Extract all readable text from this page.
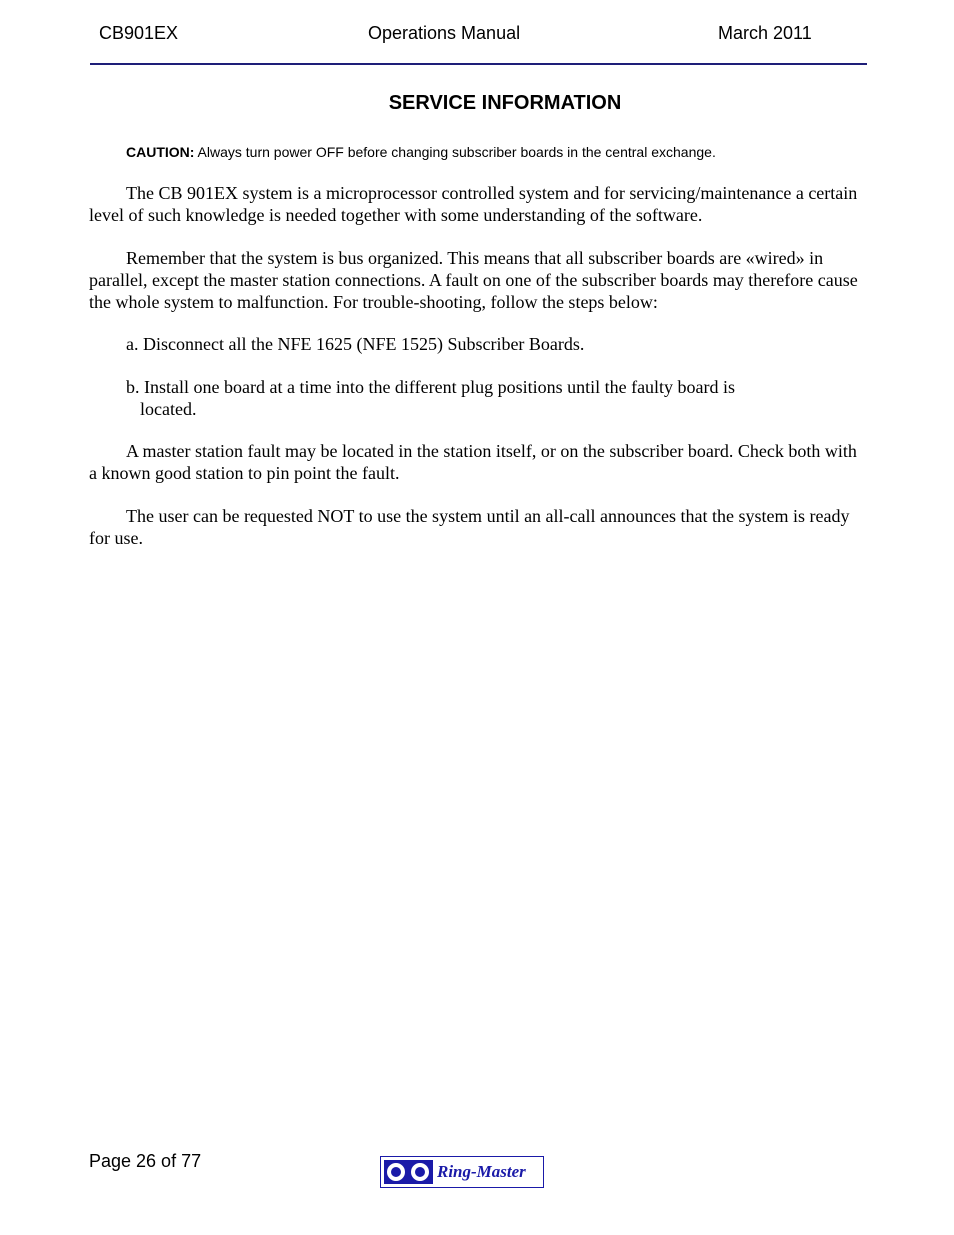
CB901EX	Operations Manual	March 2011
SERVICE INFORMATION
CAUTION: Always turn power OFF before changing subscriber boards in the central exchange.

The CB 901EX system is a microprocessor controlled system and for servicing/maintenance a certain level of such knowledge is needed together with some understanding of the software.

Remember that the system is bus organized. This means that all subscriber boards are «wired» in parallel, except the master station connections. A fault on one of the subscriber boards may therefore cause the whole system to malfunction. For trouble-shooting, follow the steps below:

a. Disconnect all the NFE 1625 (NFE 1525) Subscriber Boards.

b. Install one board at a time into the different plug positions until the faulty board is
located.

A master station fault may be located in the station itself, or on the subscriber board. Check both with a known good station to pin point the fault.

The user can be requested NOT to use the system until an all-call announces that the system is ready for use.

Page 26 of 77
Ring-Master
